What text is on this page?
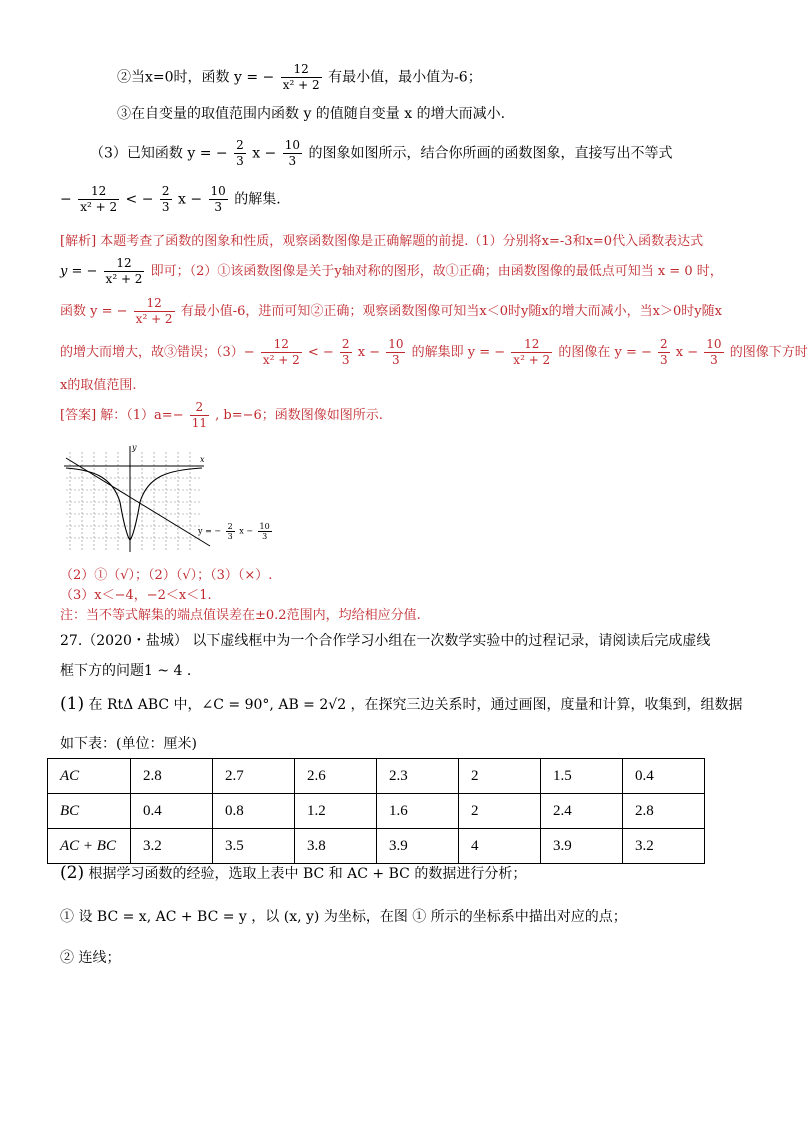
②当x=0时，函数 y = − $\frac{12}{\text{x² + 2}}$ 有最小值，最小值为-6；
③在自变量的取值范围内函数 y 的值随自变量 x 的增大而减小.
（3）已知函数 y = − $\frac{2}{3}$ $x - \frac{10}{3}$ 的图象如图所示，结合你所画的函数图象，直接写出不等式
− $\frac{12}{\text{x² + 2}}$ < − $\frac{2}{3}$ $x - \frac{10}{3}$ 的解集.
[解析] 本题考查了函数的图象和性质，观察函数图像是正确解题的前提.（1）分别将x=-3和x=0代入函数表达式
y = − $\frac{12}{\text{x² + 2}}$ 即可；（2）①该函数图像是关于y轴对称的图形，故①正确；由函数图像的最低点可知当 x = 0 时，
函数 y = − $\frac{12}{\text{x² + 2}}$ 有最小值-6，进而可知②正确；观察函数图像可知当x＜0时y随x的增大而减小，当x＞0时y随x
的增大而增大，故③错误；$(3)- \frac{12}{\text{x² + 2}}$ < − $\frac{2}{3}$ $x - \frac{10}{3}$ 的解集即 y = − $\frac{12}{\text{x² + 2}}$ 的图像在 y = − $\frac{2}{3}$ $x - \frac{10}{3}$ 的图像下方时
x的取值范围.
[答案] 解：$(1)a=- \frac{2}{11}$ , b=−6；函数图像如图所示.
x
y
y = − $\frac{2}{3}$ $x - \frac{10}{3}$
（2）①（√）；（2）（√）；（3）（×）.
（3）x＜−4，−2＜x＜1.
注：当不等式解集的端点值误差在±0.2范围内，均给相应分值.
27.（2020・盐城） 以下虚线框中为一个合作学习小组在一次数学实验中的过程记录，请阅读后完成虚线
框下方的问题1 ~ 4 .
(1) 在 RtΔ ABC 中，∠C = 90°, AB = 2√2 ，在探究三边关系时，通过画图，度量和计算，收集到，组数据
如下表：(单位：厘米)
AC	2.8	2.7	2.6	2.3	2	1.5	0.4
BC	0.4	0.8	1.2	1.6	2	2.4	2.8
AC + BC	3.2	3.5	3.8	3.9	4	3.9	3.2
(2) 根据学习函数的经验，选取上表中 BC 和 AC + BC 的数据进行分析；
① 设 BC = x, AC + BC = y ，以 (x, y) 为坐标，在图 ① 所示的坐标系中描出对应的点；
② 连线；
